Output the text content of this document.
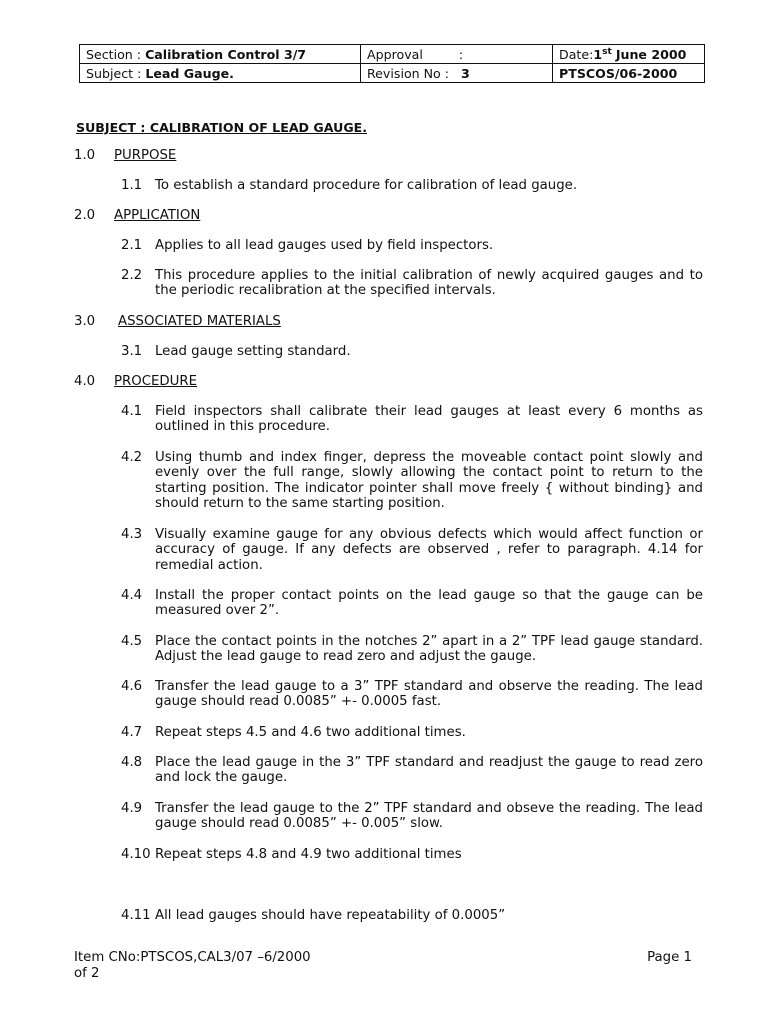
Section : Calibration Control 3/7	Approval :	Date:1st June 2000
Subject : Lead Gauge.	Revision No : 3	PTSCOS/06-2000
SUBJECT : CALIBRATION OF LEAD GAUGE.
1.0 PURPOSE
1.1 To establish a standard procedure for calibration of lead gauge.
2.0 APPLICATION
2.1 Applies to all lead gauges used by field inspectors.
2.2 This procedure applies to the initial calibration of newly acquired gauges and to the periodic recalibration at the specified intervals.
3.0 ASSOCIATED MATERIALS
3.1 Lead gauge setting standard.
4.0 PROCEDURE
4.1 Field inspectors shall calibrate their lead gauges at least every 6 months as outlined in this procedure.
4.2 Using thumb and index finger, depress the moveable contact point slowly and evenly over the full range, slowly allowing the contact point to return to the starting position. The indicator pointer shall move freely { without binding} and should return to the same starting position.
4.3 Visually examine gauge for any obvious defects which would affect function or accuracy of gauge. If any defects are observed , refer to paragraph. 4.14 for remedial action.
4.4 Install the proper contact points on the lead gauge so that the gauge can be measured over 2”.
4.5 Place the contact points in the notches 2” apart in a 2” TPF lead gauge standard. Adjust the lead gauge to read zero and adjust the gauge.
4.6 Transfer the lead gauge to a 3” TPF standard and observe the reading. The lead gauge should read 0.0085” +- 0.0005 fast.
4.7 Repeat steps 4.5 and 4.6 two additional times.
4.8 Place the lead gauge in the 3” TPF standard and readjust the gauge to read zero and lock the gauge.
4.9 Transfer the lead gauge to the 2” TPF standard and obseve the reading. The lead gauge should read 0.0085” +- 0.005” slow.
4.10 Repeat steps 4.8 and 4.9 two additional times
4.11 All lead gauges should have repeatability of 0.0005”
Item CNo:PTSCOS,CAL3/07 –6/2000
of 2
Page 1
